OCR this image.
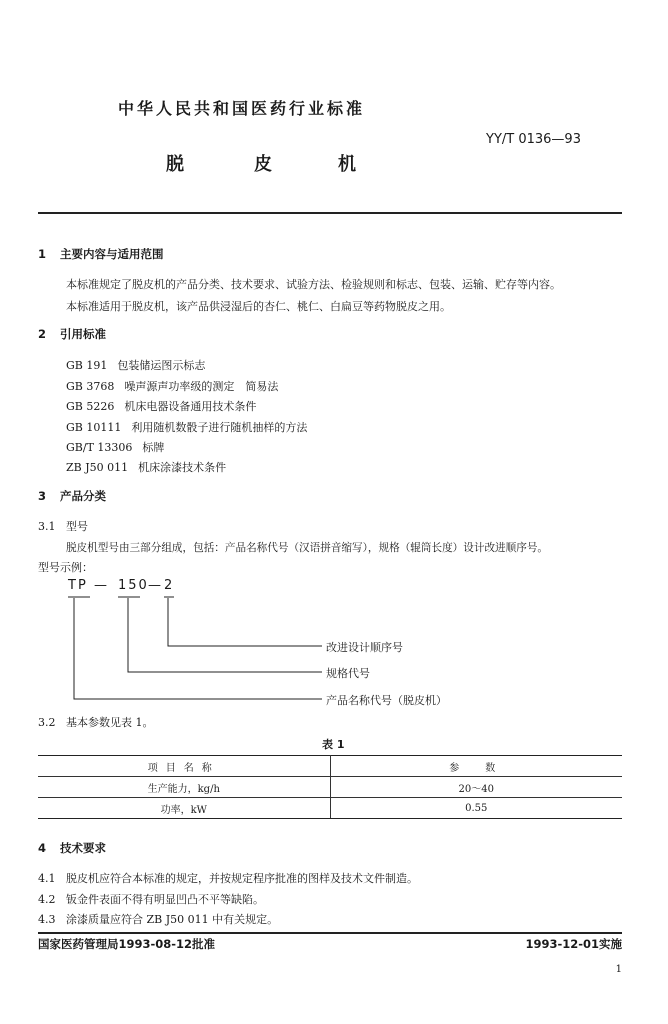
中华人民共和国医药行业标准
YY/T 0136—93
脱	皮	机
1 主要内容与适用范围
本标准规定了脱皮机的产品分类、技术要求、试验方法、检验规则和标志、包装、运输、贮存等内容。
本标准适用于脱皮机，该产品供浸湿后的杏仁、桃仁、白扁豆等药物脱皮之用。
2 引用标准
GB 191 包装储运图示标志
GB 3768 噪声源声功率级的测定　简易法
GB 5226 机床电器设备通用技术条件
GB 10111 利用随机数骰子进行随机抽样的方法
GB/T 13306 标牌
ZB J50 011 机床涂漆技术条件
3 产品分类
3.1 型号
脱皮机型号由三部分组成，包括：产品名称代号（汉语拼音缩写），规格（辊筒长度）设计改进顺序号。
型号示例：
TP — 150 — 2
改进设计顺序号
规格代号
产品名称代号（脱皮机）
3.2 基本参数见表 1。
表 1
项目名称	参　数
生产能力，kg/h	20～40
功率，kW	0.55
4 技术要求
4.1 脱皮机应符合本标准的规定，并按规定程序批准的图样及技术文件制造。
4.2 钣金件表面不得有明显凹凸不平等缺陷。
4.3 涂漆质量应符合 ZB J50 011 中有关规定。
国家医药管理局1993-08-12批准	1993-12-01实施
1
